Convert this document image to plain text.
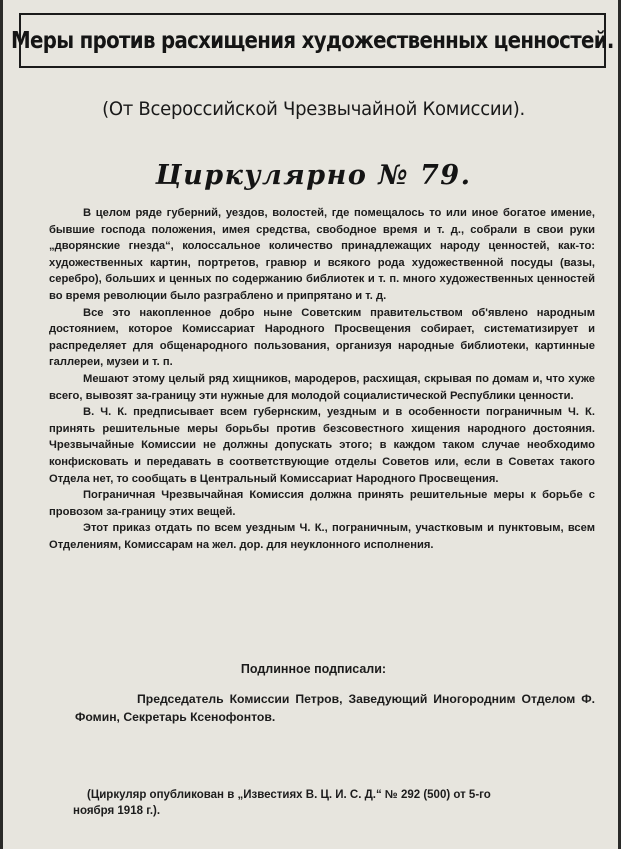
Меры против расхищения художественных ценностей.
(От Всероссийской Чрезвычайной Комиссии).
Циркулярно № 79.

В целом ряде губерний, уездов, волостей, где помещалось то или иное богатое имение, бывшие господа положения, имея средства, свободное время и т. д., собрали в свои руки „дворянские гнезда“, колоссальное количество принадлежащих народу ценностей, как-то: художественных картин, портретов, гравюр и всякого рода художественной посуды (вазы, серебро), больших и ценных по содержанию библиотек и т. п. много художественных ценностей во время революции было разграблено и припрятано и т. д.

Все это накопленное добро ныне Советским правительством об'явлено народным достоянием, которое Комиссариат Народного Просвещения собирает, систематизирует и распределяет для общенародного пользования, организуя народные библиотеки, картинные галлереи, музеи и т. п.

Мешают этому целый ряд хищников, мародеров, расхищая, скрывая по домам и, что хуже всего, вывозят за-границу эти нужные для молодой социалистической Республики ценности.

В. Ч. К. предписывает всем губернским, уездным и в особенности пограничным Ч. К. принять решительные меры борьбы против безсовестного хищения народного достояния. Чрезвычайные Комиссии не должны допускать этого; в каждом таком случае необходимо конфисковать и передавать в соответствующие отделы Советов или, если в Советах такого Отдела нет, то сообщать в Центральный Комиссариат Народного Просвещения.

Пограничная Чрезвычайная Комиссия должна принять решительные меры к борьбе с провозом за-границу этих вещей.

Этот приказ отдать по всем уездным Ч. К., пограничным, участковым и пунктовым, всем Отделениям, Комиссарам на жел. дор. для неуклонного исполнения.

Подлинное подписали:

Председатель Комиссии Петров, Заведующий Иногородним Отделом Ф. Фомин, Секретарь Ксенофонтов.

(Циркуляр опубликован в „Известиях В. Ц. И. С. Д.“ № 292 (500) от 5-го ноября 1918 г.).
